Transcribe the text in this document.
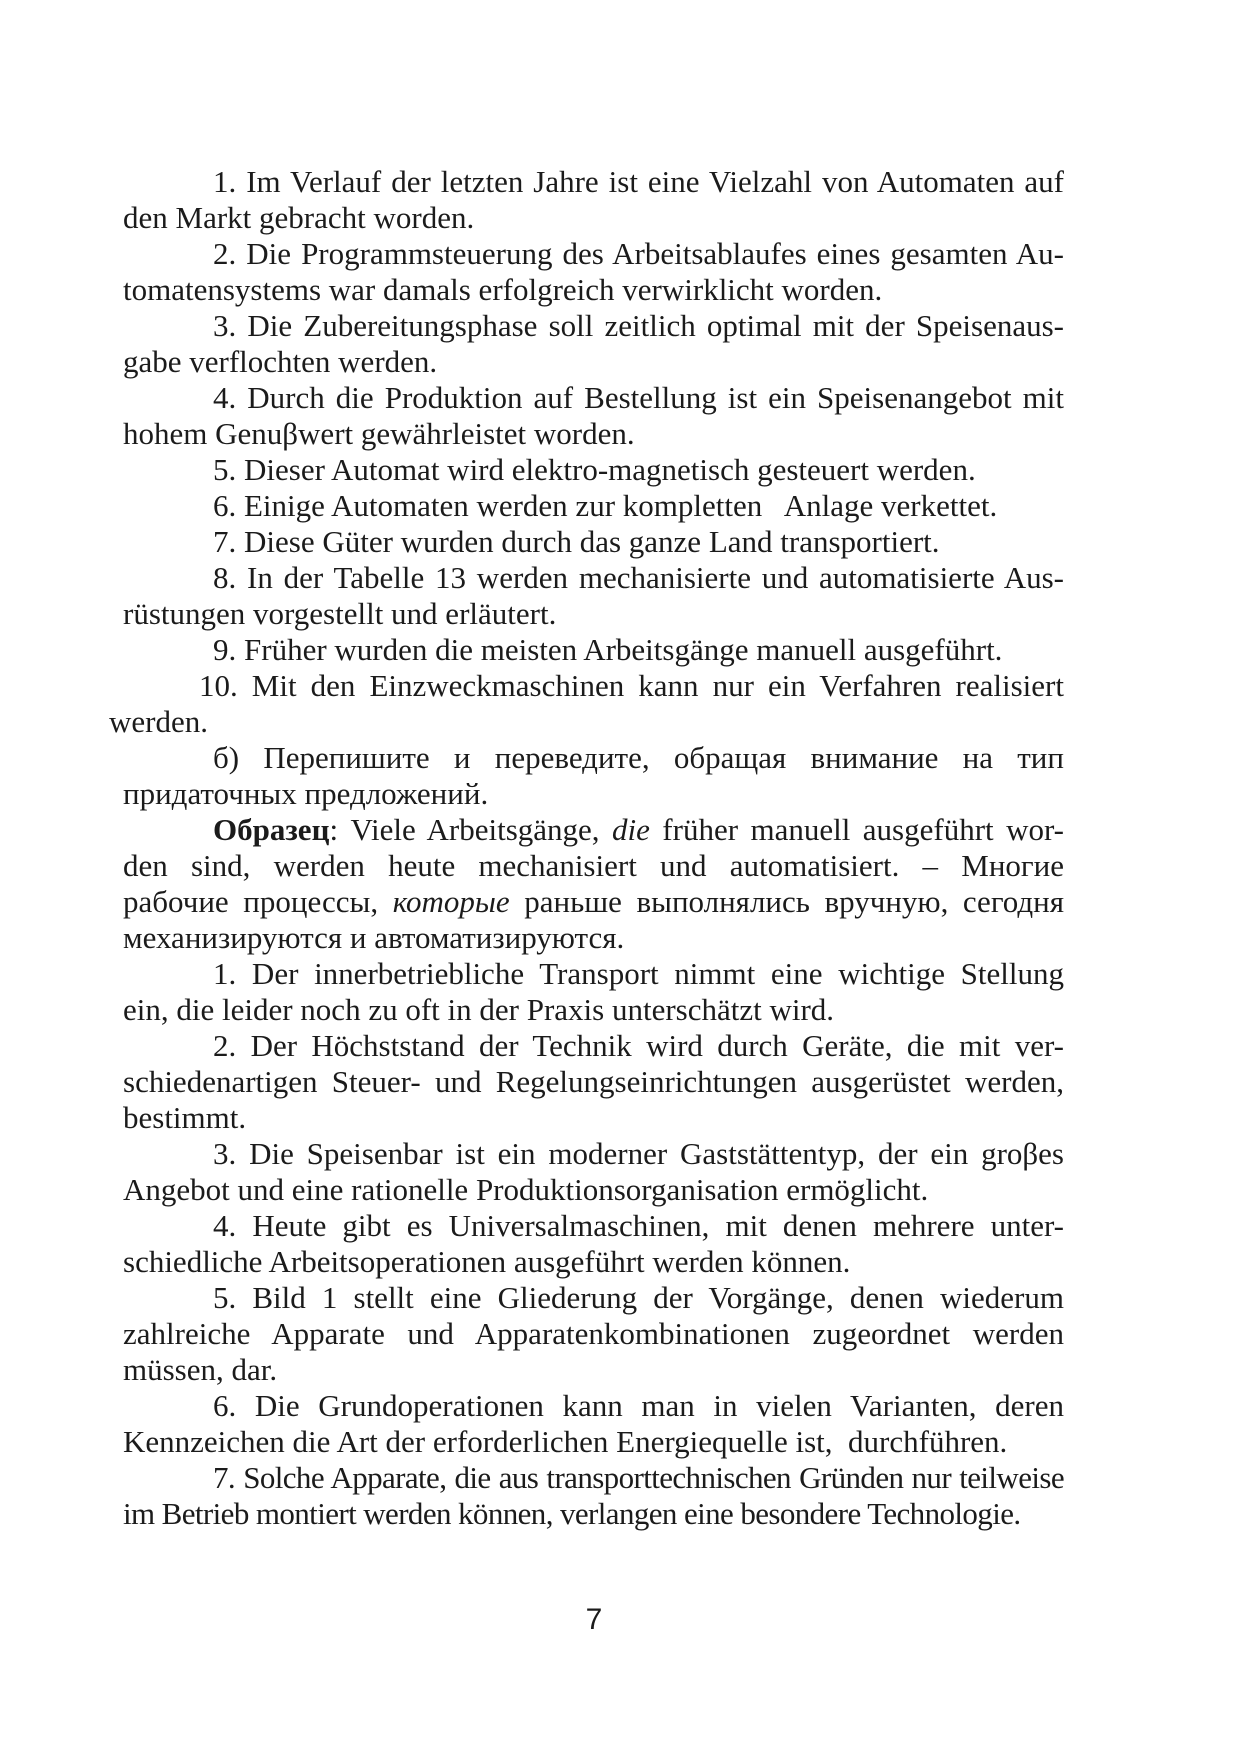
1. Im Verlauf der letzten Jahre ist eine Vielzahl von Automaten auf
den Markt gebracht worden.
2. Die Programmsteuerung des Arbeitsablaufes eines gesamten Au-
tomatensystems war damals erfolgreich verwirklicht worden.
3. Die Zubereitungsphase soll zeitlich optimal mit der Speisenaus-
gabe verflochten werden.
4. Durch die Produktion auf Bestellung ist ein Speisenangebot mit
hohem Genuβwert gewährleistet worden.
5. Dieser Automat wird elektro-magnetisch gesteuert werden.
6. Einige Automaten werden zur kompletten   Anlage verkettet.
7. Diese Güter wurden durch das ganze Land transportiert.
8. In der Tabelle 13 werden mechanisierte und automatisierte Aus-
rüstungen vorgestellt und erläutert.
9. Früher wurden die meisten Arbeitsgänge manuell ausgeführt.
10. Mit den Einzweckmaschinen kann nur ein Verfahren realisiert
werden.
б) Перепишите и переведите, обращая внимание на тип
придаточных предложений.
Образец: Viele Arbeitsgänge, die früher manuell ausgeführt wor-
den sind, werden heute mechanisiert und automatisiert. – Многие
рабочие процессы, которые раньше выполнялись вручную, сегодня
механизируются и автоматизируются.
1. Der innerbetriebliche Transport nimmt eine wichtige Stellung
ein, die leider noch zu oft in der Praxis unterschätzt wird.
2. Der Höchststand der Technik wird durch Geräte, die mit ver-
schiedenartigen Steuer- und Regelungseinrichtungen ausgerüstet werden,
bestimmt.
3. Die Speisenbar ist ein moderner Gaststättentyp, der ein groβes
Angebot und eine rationelle Produktionsorganisation ermöglicht.
4. Heute gibt es Universalmaschinen, mit denen mehrere unter-
schiedliche Arbeitsoperationen ausgeführt werden können.
5. Bild 1 stellt eine Gliederung der Vorgänge, denen wiederum
zahlreiche Apparate und Apparatenkombinationen zugeordnet werden
müssen, dar.
6. Die Grundoperationen kann man in vielen Varianten, deren
Kennzeichen die Art der erforderlichen Energiequelle ist,  durchführen.
7. Solche Apparate, die aus transporttechnischen Gründen nur teilweise
im Betrieb montiert werden können, verlangen eine besondere Technologie.
7
